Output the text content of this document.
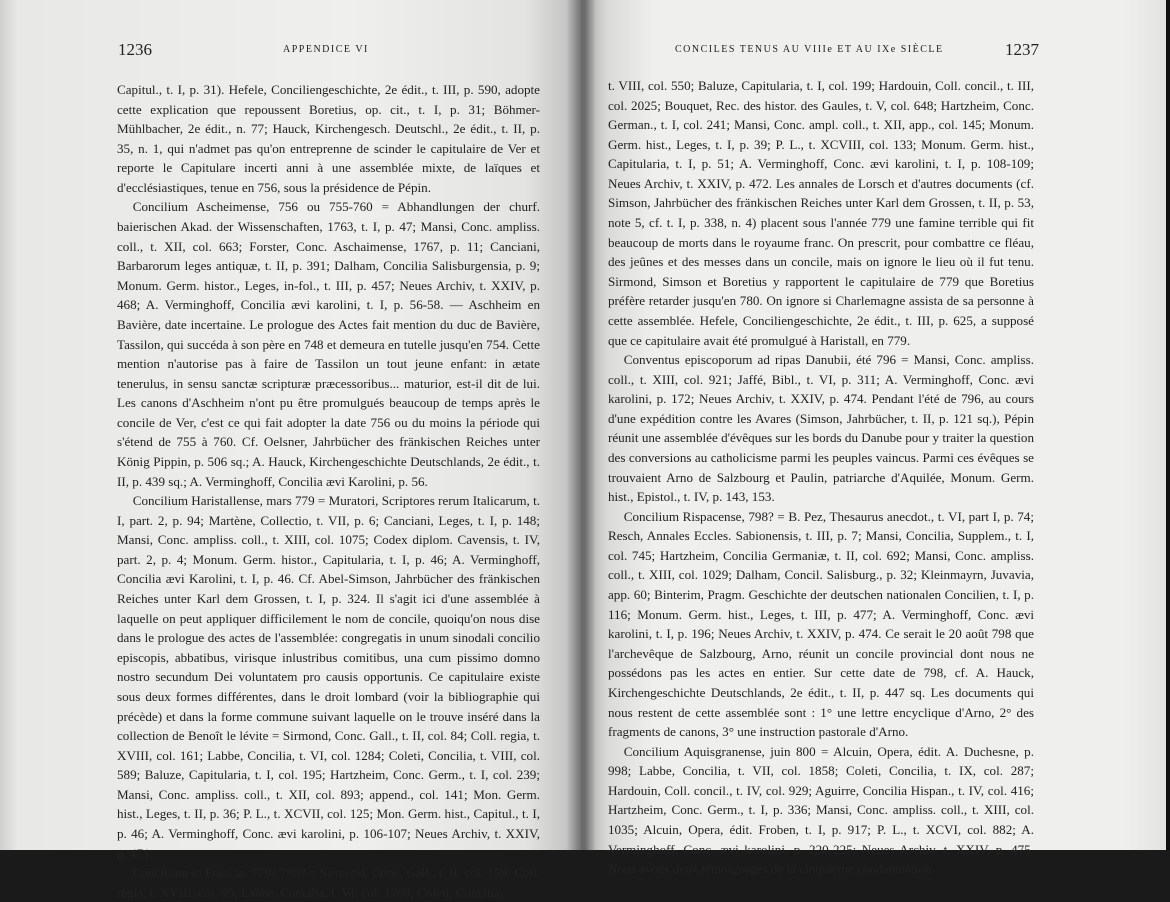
1236	APPENDICE VI

Capitul., t. I, p. 31). Hefele, Conciliengeschichte, 2e édit., t. III, p. 590, adopte cette explication que repoussent Boretius, op. cit., t. I, p. 31; Böhmer-Mühlbacher, 2e édit., n. 77; Hauck, Kirchengesch. Deutschl., 2e édit., t. II, p. 35, n. 1, qui n'admet pas qu'on entreprenne de scinder le capitulaire de Ver et reporte le Capitulare incerti anni à une assemblée mixte, de laïques et d'ecclésiastiques, tenue en 756, sous la présidence de Pépin.

Concilium Ascheimense, 756 ou 755-760 = Abhandlungen der churf. baierischen Akad. der Wissenschaften, 1763, t. I, p. 47; Mansi, Conc. ampliss. coll., t. XII, col. 663; Forster, Conc. Aschaimense, 1767, p. 11; Canciani, Barbarorum leges antiquæ, t. II, p. 391; Dalham, Concilia Salisburgensia, p. 9; Monum. Germ. histor., Leges, in-fol., t. III, p. 457; Neues Archiv, t. XXIV, p. 468; A. Verminghoff, Concilia ævi karolini, t. I, p. 56-58. — Aschheim en Bavière, date incertaine. Le prologue des Actes fait mention du duc de Bavière, Tassilon, qui succéda à son père en 748 et demeura en tutelle jusqu'en 754. Cette mention n'autorise pas à faire de Tassilon un tout jeune enfant: in ætate tenerulus, in sensu sanctæ scripturæ præcessoribus... maturior, est-il dit de lui. Les canons d'Aschheim n'ont pu être promulgués beaucoup de temps après le concile de Ver, c'est ce qui fait adopter la date 756 ou du moins la période qui s'étend de 755 à 760. Cf. Oelsner, Jahrbücher des fränkischen Reiches unter König Pippin, p. 506 sq.; A. Hauck, Kirchengeschichte Deutschlands, 2e édit., t. II, p. 439 sq.; A. Verminghoff, Concilia ævi Karolini, p. 56.

Concilium Haristallense, mars 779 = Muratori, Scriptores rerum Italicarum, t. I, part. 2, p. 94; Martène, Collectio, t. VII, p. 6; Canciani, Leges, t. I, p. 148; Mansi, Conc. ampliss. coll., t. XIII, col. 1075; Codex diplom. Cavensis, t. IV, part. 2, p. 4; Monum. Germ. histor., Capitularia, t. I, p. 46; A. Verminghoff, Concilia ævi Karolini, t. I, p. 46. Cf. Abel-Simson, Jahrbücher des fränkischen Reiches unter Karl dem Grossen, t. I, p. 324. Il s'agit ici d'une assemblée à laquelle on peut appliquer difficilement le nom de concile, quoiqu'on nous dise dans le prologue des actes de l'assemblée: congregatis in unum sinodali concilio episcopis, abbatibus, virisque inlustribus comitibus, una cum pissimo domno nostro secundum Dei voluntatem pro causis opportunis. Ce capitulaire existe sous deux formes différentes, dans le droit lombard (voir la bibliographie qui précède) et dans la forme commune suivant laquelle on le trouve inséré dans la collection de Benoît le lévite = Sirmond, Conc. Gall., t. II, col. 84; Coll. regia, t. XVIII, col. 161; Labbe, Concilia, t. VI, col. 1284; Coleti, Concilia, t. VIII, col. 589; Baluze, Capitularia, t. I, col. 195; Hartzheim, Conc. Germ., t. I, col. 239; Mansi, Conc. ampliss. coll., t. XII, col. 893; append., col. 141; Mon. Germ. hist., Leges, t. II, p. 36; P. L., t. XCVII, col. 125; Mon. Germ. hist., Capitul., t. I, p. 46; A. Verminghoff, Conc. ævi karolini, p. 106-107; Neues Archiv, t. XXIV, p. 471.

Concilium in Francia, 779? 780? = Sirmond, Conc. Gall., t. II, col. 159; Coll. regia, t. XVIII, col. 95; Labbe, Concilia, t. VI, col. 1788; Coleti, Concilia,

CONCILES TENUS AU VIIIe ET AU IXe SIÈCLE	1237

t. VIII, col. 550; Baluze, Capitularia, t. I, col. 199; Hardouin, Coll. concil., t. III, col. 2025; Bouquet, Rec. des histor. des Gaules, t. V, col. 648; Hartzheim, Conc. German., t. I, col. 241; Mansi, Conc. ampl. coll., t. XII, app., col. 145; Monum. Germ. hist., Leges, t. I, p. 39; P. L., t. XCVIII, col. 133; Monum. Germ. hist., Capitularia, t. I, p. 51; A. Verminghoff, Conc. ævi karolini, t. I, p. 108-109; Neues Archiv, t. XXIV, p. 472. Les annales de Lorsch et d'autres documents (cf. Simson, Jahrbücher des fränkischen Reiches unter Karl dem Grossen, t. II, p. 53, note 5, cf. t. I, p. 338, n. 4) placent sous l'année 779 une famine terrible qui fit beaucoup de morts dans le royaume franc. On prescrit, pour combattre ce fléau, des jeûnes et des messes dans un concile, mais on ignore le lieu où il fut tenu. Sirmond, Simson et Boretius y rapportent le capitulaire de 779 que Boretius préfère retarder jusqu'en 780. On ignore si Charlemagne assista de sa personne à cette assemblée. Hefele, Conciliengeschichte, 2e édit., t. III, p. 625, a supposé que ce capitulaire avait été promulgué à Haristall, en 779.

Conventus episcoporum ad ripas Danubii, été 796 = Mansi, Conc. ampliss. coll., t. XIII, col. 921; Jaffé, Bibl., t. VI, p. 311; A. Verminghoff, Conc. ævi karolini, p. 172; Neues Archiv, t. XXIV, p. 474. Pendant l'été de 796, au cours d'une expédition contre les Avares (Simson, Jahrbücher, t. II, p. 121 sq.), Pépin réunit une assemblée d'évêques sur les bords du Danube pour y traiter la question des conversions au catholicisme parmi les peuples vaincus. Parmi ces évêques se trouvaient Arno de Salzbourg et Paulin, patriarche d'Aquilée, Monum. Germ. hist., Epistol., t. IV, p. 143, 153.

Concilium Rispacense, 798? = B. Pez, Thesaurus anecdot., t. VI, part I, p. 74; Resch, Annales Eccles. Sabionensis, t. III, p. 7; Mansi, Concilia, Supplem., t. I, col. 745; Hartzheim, Concilia Germaniæ, t. II, col. 692; Mansi, Conc. ampliss. coll., t. XIII, col. 1029; Dalham, Concil. Salisburg., p. 32; Kleinmayrn, Juvavia, app. 60; Binterim, Pragm. Geschichte der deutschen nationalen Concilien, t. I, p. 116; Monum. Germ. hist., Leges, t. III, p. 477; A. Verminghoff, Conc. ævi karolini, t. I, p. 196; Neues Archiv, t. XXIV, p. 474. Ce serait le 20 août 798 que l'archevêque de Salzbourg, Arno, réunit un concile provincial dont nous ne possédons pas les actes en entier. Sur cette date de 798, cf. A. Hauck, Kirchengeschichte Deutschlands, 2e édit., t. II, p. 447 sq. Les documents qui nous restent de cette assemblée sont : 1° une lettre encyclique d'Arno, 2° des fragments de canons, 3° une instruction pastorale d'Arno.

Concilium Aquisgranense, juin 800 = Alcuin, Opera, édit. A. Duchesne, p. 998; Labbe, Concilia, t. VII, col. 1858; Coleti, Concilia, t. IX, col. 287; Hardouin, Coll. concil., t. IV, col. 929; Aguirre, Concilia Hispan., t. IV, col. 416; Hartzheim, Conc. Germ., t. I, p. 336; Mansi, Conc. ampliss. coll., t. XIII, col. 1035; Alcuin, Opera, édit. Froben, t. I, p. 917; P. L., t. XCVI, col. 882; A. Verminghoff, Conc. ævi karolini, p. 220-225; Neues Archiv, t. XXIV, p. 475. Nous avons deux témoignages de la cinquième condamnation
